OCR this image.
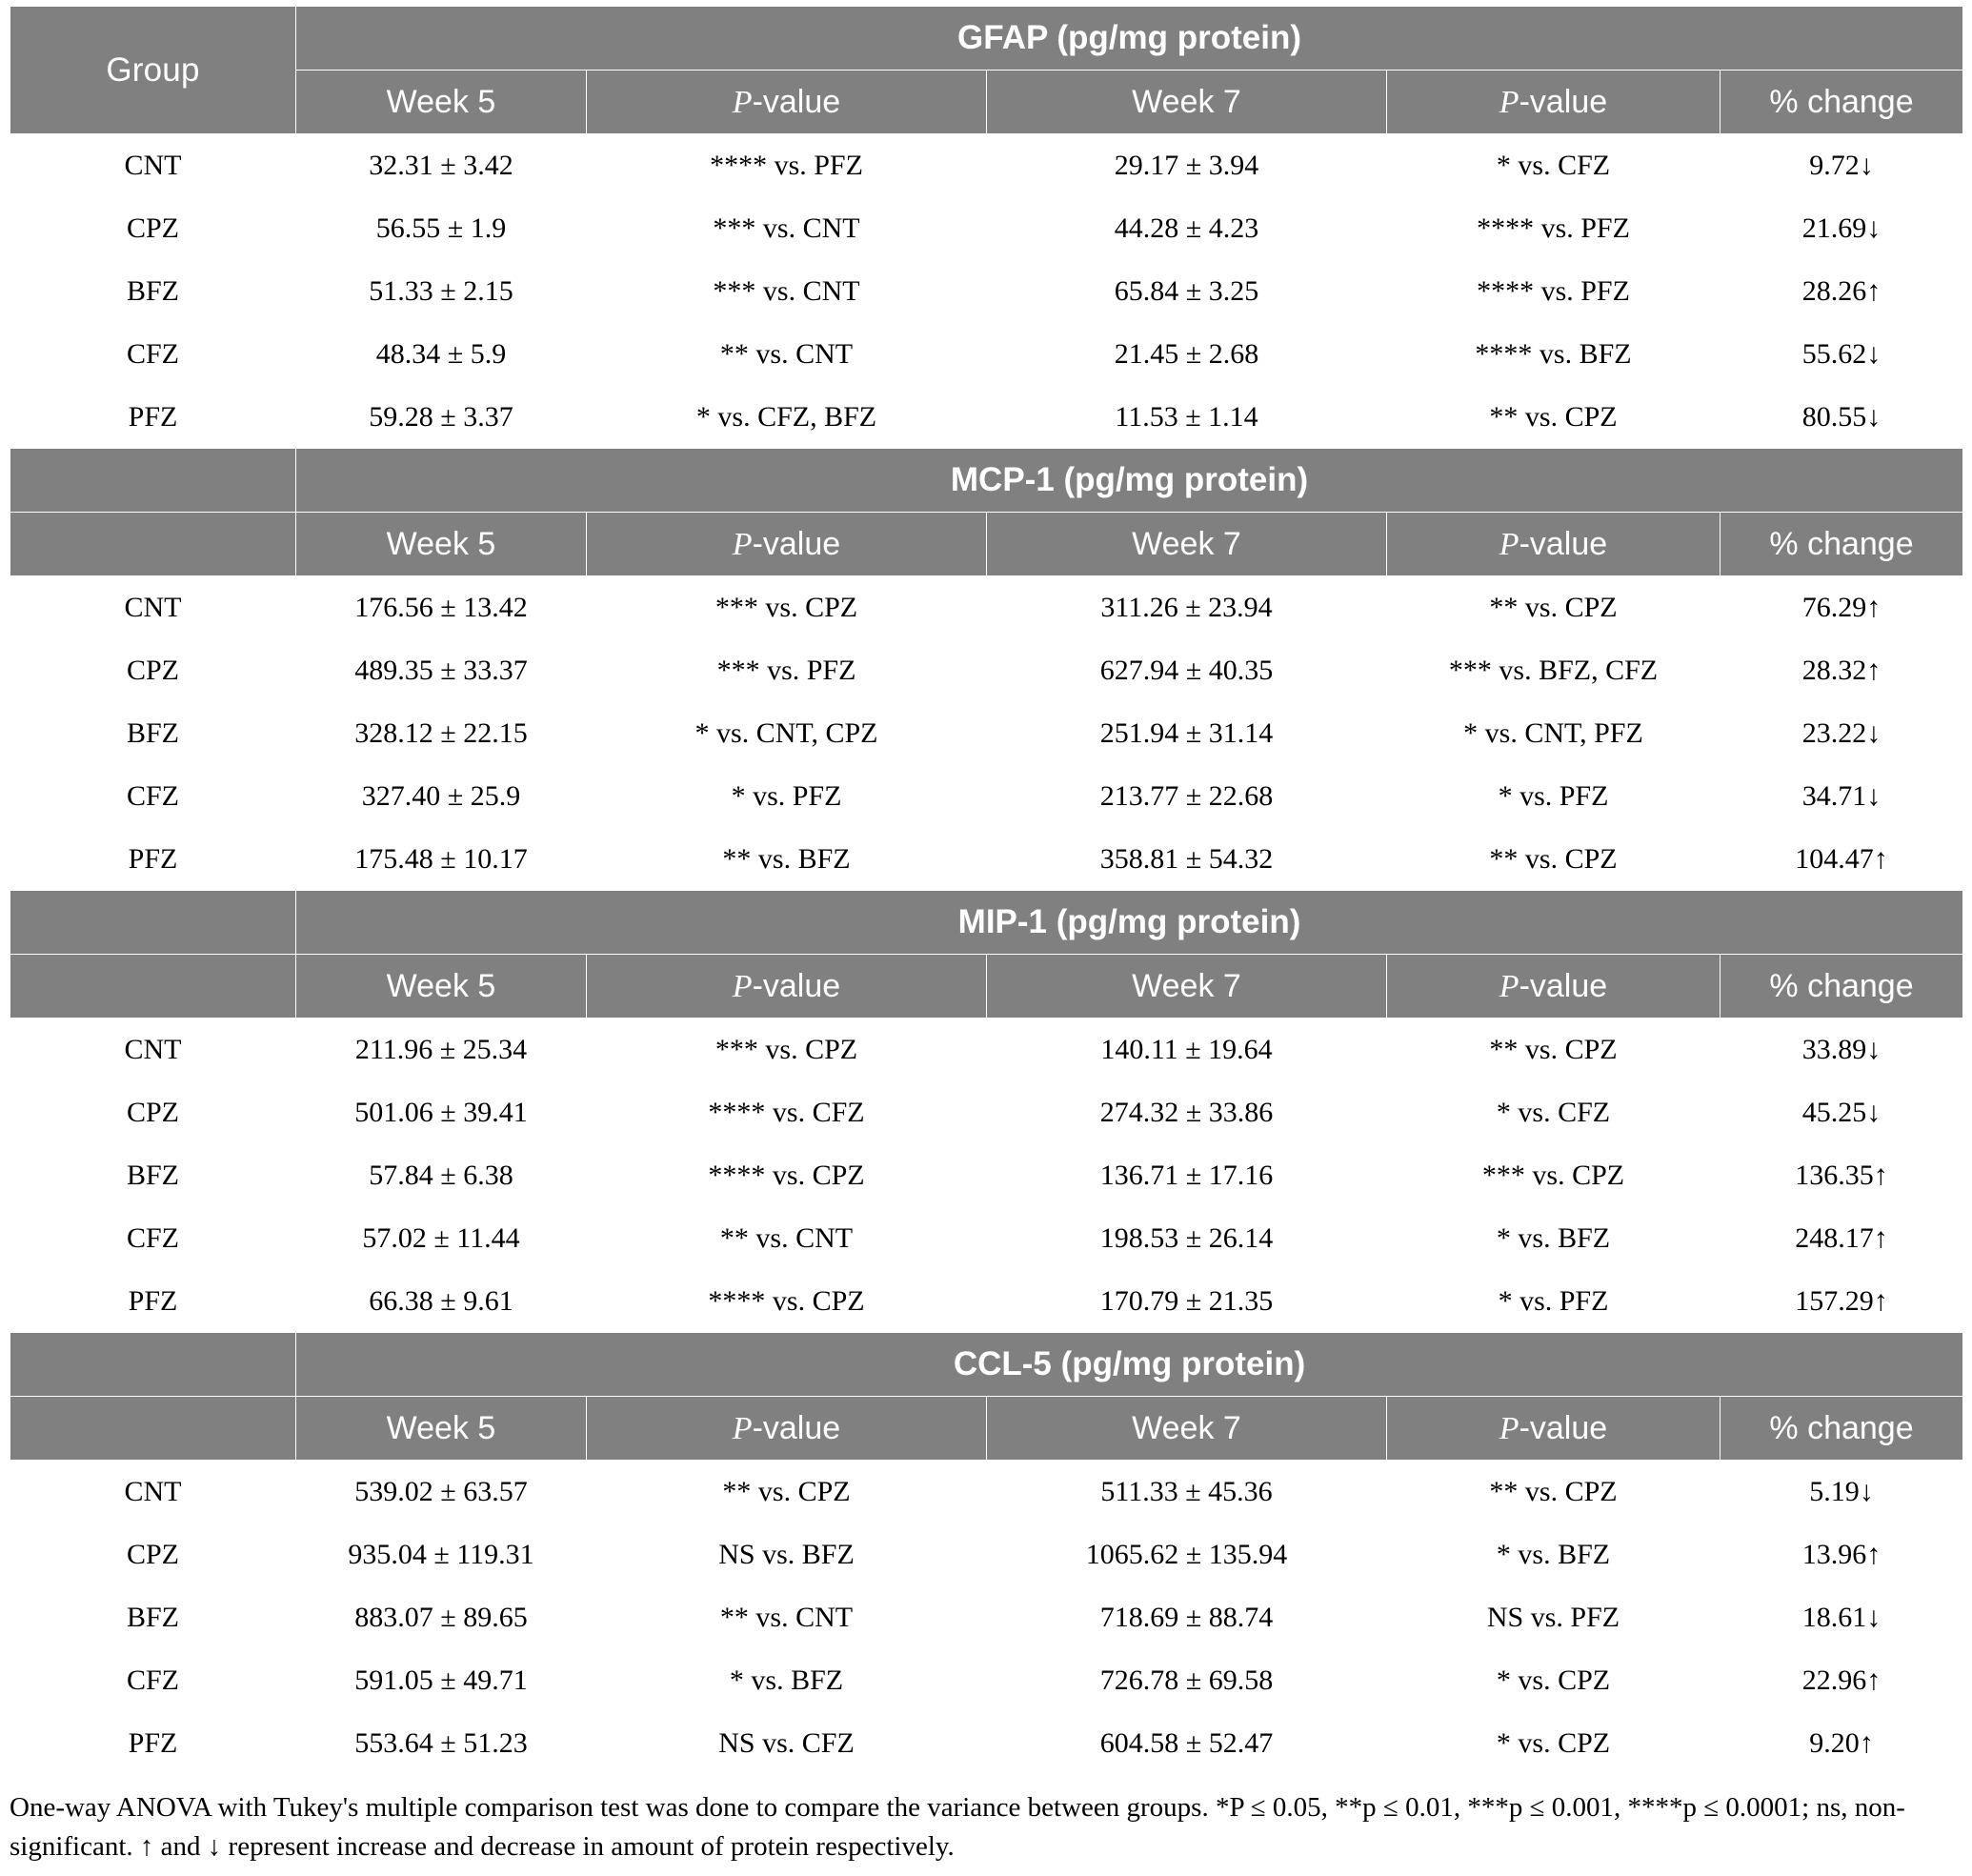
Group	GFAP (pg/mg protein)				
	Week 5	P-value	Week 7	P-value	% change
CNT	32.31 ± 3.42	**** vs. PFZ	29.17 ± 3.94	* vs. CFZ	9.72↓
CPZ	56.55 ± 1.9	*** vs. CNT	44.28 ± 4.23	**** vs. PFZ	21.69↓
BFZ	51.33 ± 2.15	*** vs. CNT	65.84 ± 3.25	**** vs. PFZ	28.26↑
CFZ	48.34 ± 5.9	** vs. CNT	21.45 ± 2.68	**** vs. BFZ	55.62↓
PFZ	59.28 ± 3.37	* vs. CFZ, BFZ	11.53 ± 1.14	** vs. CPZ	80.55↓
	MCP-1 (pg/mg protein)				
	Week 5	P-value	Week 7	P-value	% change
CNT	176.56 ± 13.42	*** vs. CPZ	311.26 ± 23.94	** vs. CPZ	76.29↑
CPZ	489.35 ± 33.37	*** vs. PFZ	627.94 ± 40.35	*** vs. BFZ, CFZ	28.32↑
BFZ	328.12 ± 22.15	* vs. CNT, CPZ	251.94 ± 31.14	* vs. CNT, PFZ	23.22↓
CFZ	327.40 ± 25.9	* vs. PFZ	213.77 ± 22.68	* vs. PFZ	34.71↓
PFZ	175.48 ± 10.17	** vs. BFZ	358.81 ± 54.32	** vs. CPZ	104.47↑
	MIP-1 (pg/mg protein)				
	Week 5	P-value	Week 7	P-value	% change
CNT	211.96 ± 25.34	*** vs. CPZ	140.11 ± 19.64	** vs. CPZ	33.89↓
CPZ	501.06 ± 39.41	**** vs. CFZ	274.32 ± 33.86	* vs. CFZ	45.25↓
BFZ	57.84 ± 6.38	**** vs. CPZ	136.71 ± 17.16	*** vs. CPZ	136.35↑
CFZ	57.02 ± 11.44	** vs. CNT	198.53 ± 26.14	* vs. BFZ	248.17↑
PFZ	66.38 ± 9.61	**** vs. CPZ	170.79 ± 21.35	* vs. PFZ	157.29↑
	CCL-5 (pg/mg protein)				
	Week 5	P-value	Week 7	P-value	% change
CNT	539.02 ± 63.57	** vs. CPZ	511.33 ± 45.36	** vs. CPZ	5.19↓
CPZ	935.04 ± 119.31	NS vs. BFZ	1065.62 ± 135.94	* vs. BFZ	13.96↑
BFZ	883.07 ± 89.65	** vs. CNT	718.69 ± 88.74	NS vs. PFZ	18.61↓
CFZ	591.05 ± 49.71	* vs. BFZ	726.78 ± 69.58	* vs. CPZ	22.96↑
PFZ	553.64 ± 51.23	NS vs. CFZ	604.58 ± 52.47	* vs. CPZ	9.20↑
One-way ANOVA with Tukey's multiple comparison test was done to compare the variance between groups. *P ≤ 0.05, **p ≤ 0.01, ***p ≤ 0.001, ****p ≤ 0.0001; ns, non-significant. ↑ and ↓ represent increase and decrease in amount of protein respectively.
